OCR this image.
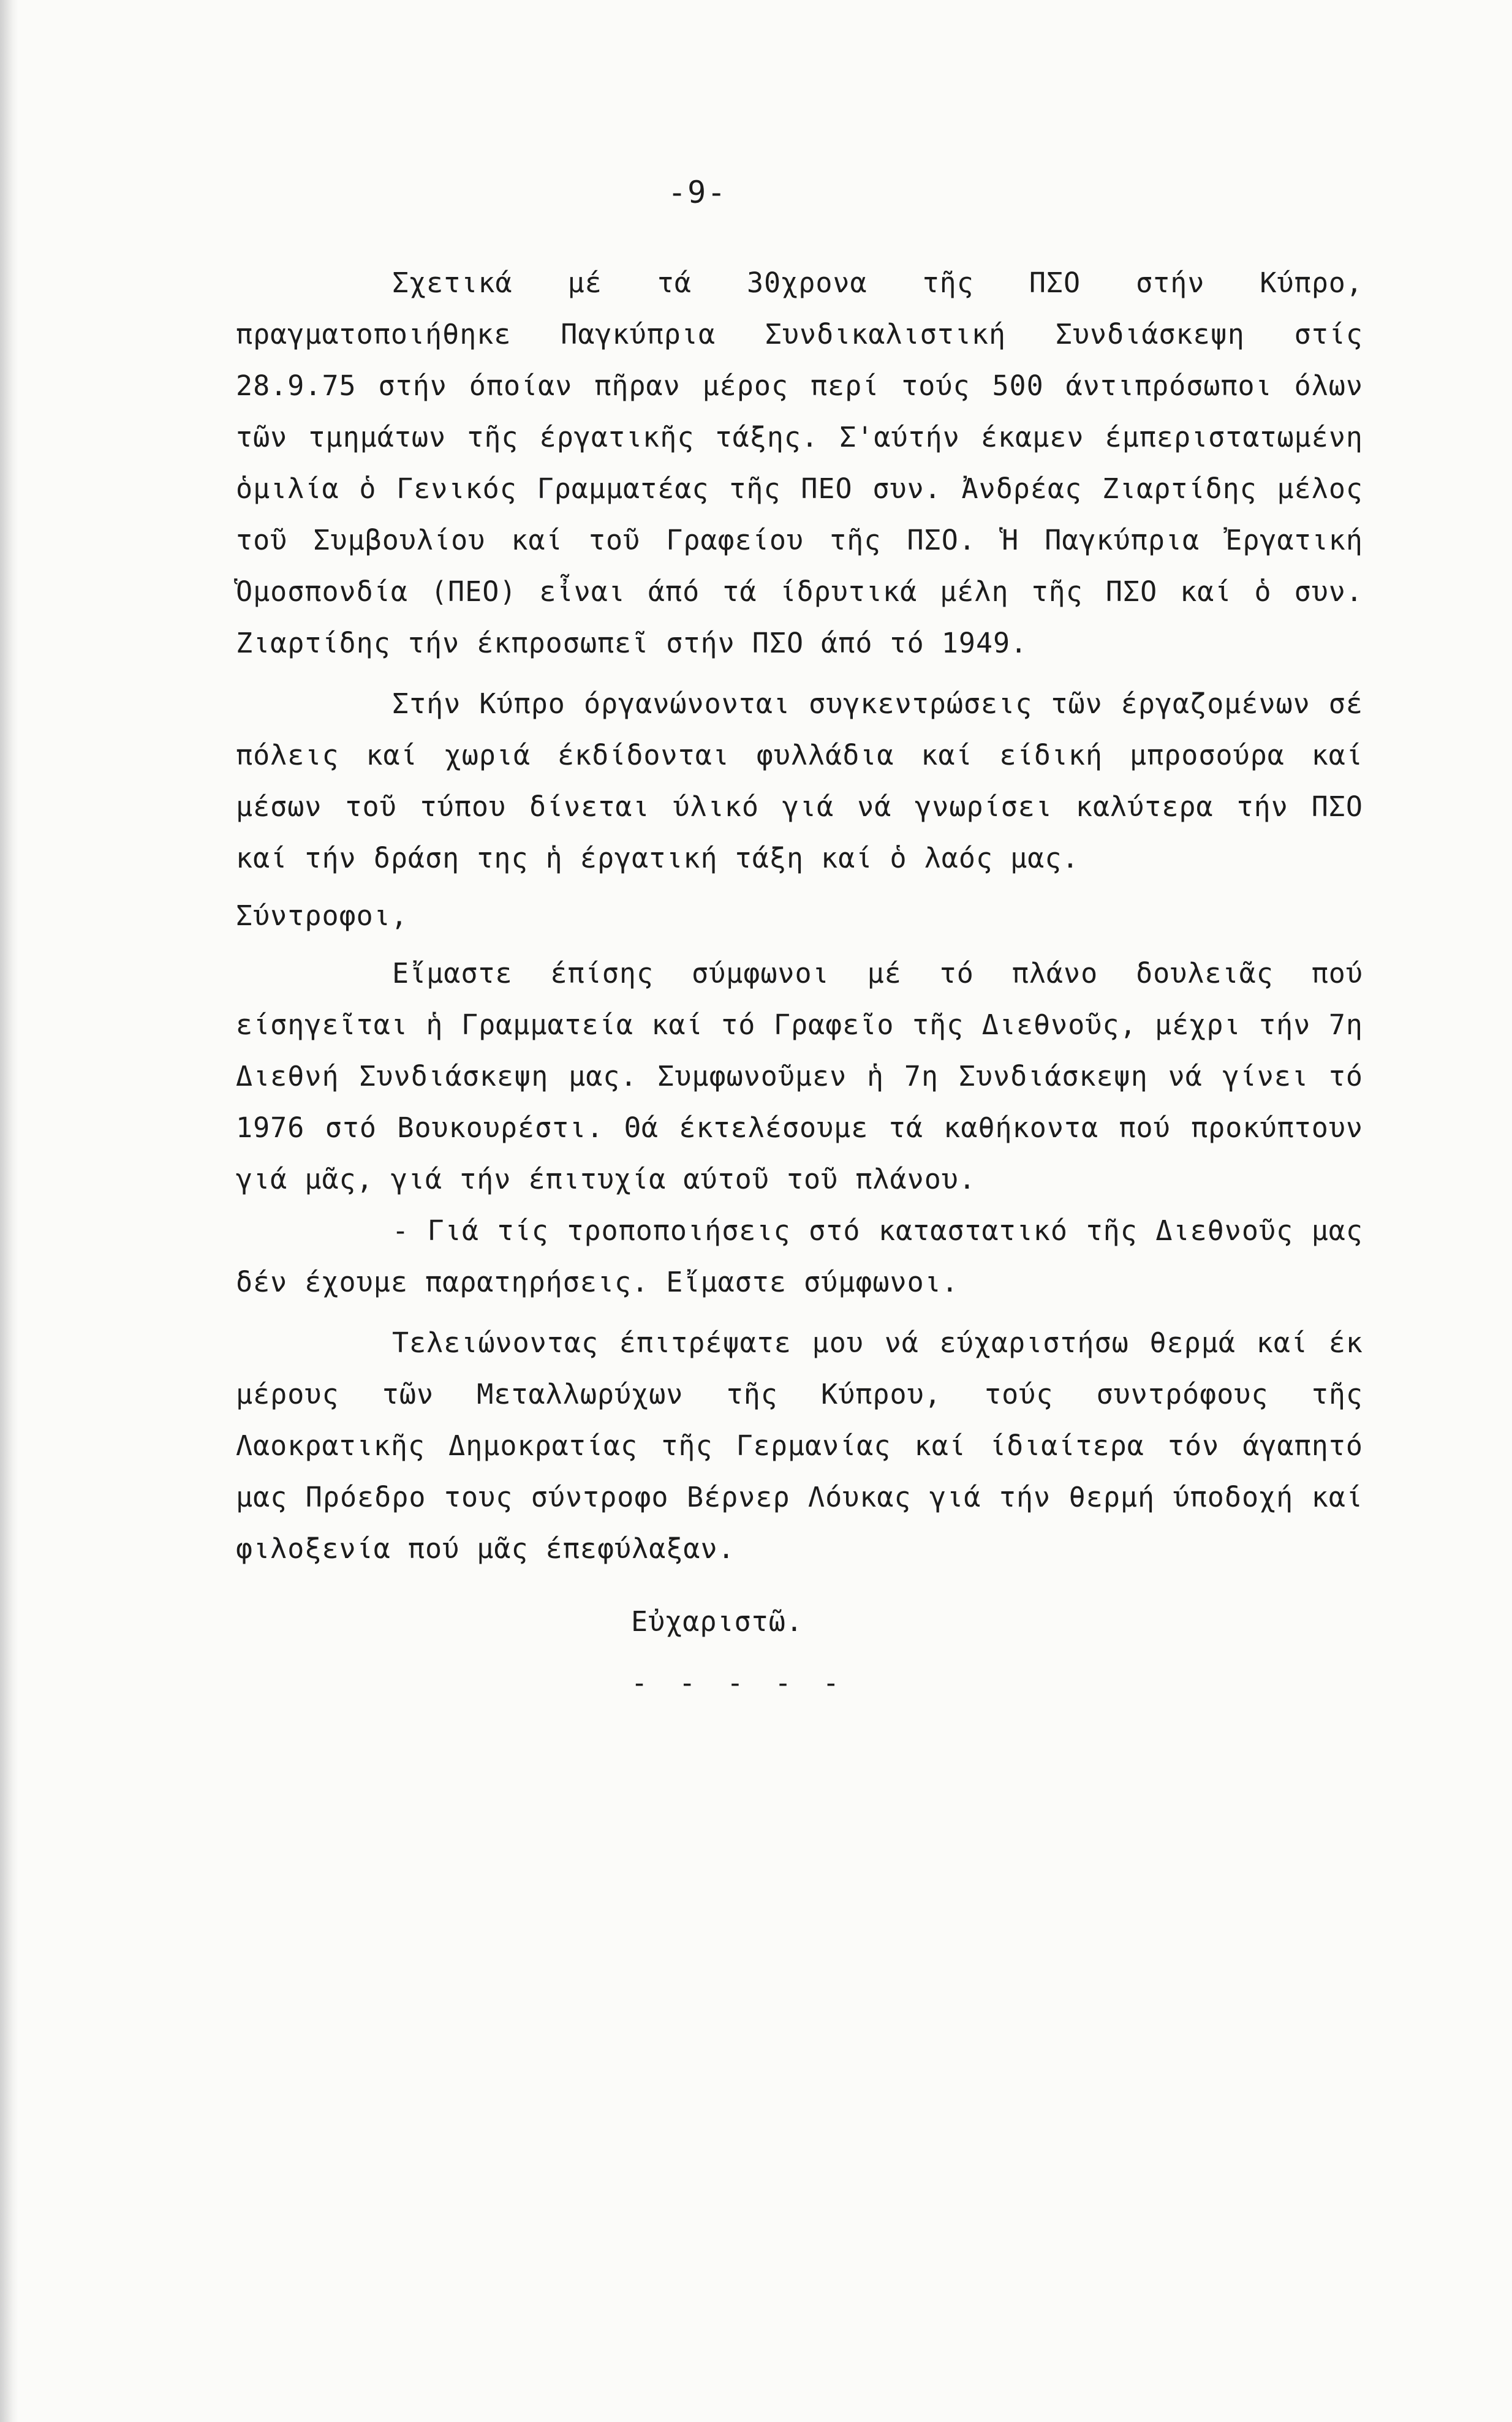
-9-

Σχετικά μέ τά 30χρονα τῆς ΠΣΟ στήν Κύπρο, πραγματοποιήθηκε Παγκύπρια Συνδικαλιστική Συνδιάσκεψη στίς 28.9.75 στήν όποίαν πῆραν μέρος περί τούς 500 άντιπρόσωποι όλων τῶν τμημάτων τῆς έργατικῆς τάξης. Σ'αύτήν έκαμεν έμπεριστατωμένη ὁμιλία ὁ Γενικός Γραμματέας τῆς ΠΕΟ συν. Ἀνδρέας Ζιαρτίδης μέλος τοῦ Συμβουλίου καί τοῦ Γραφείου τῆς ΠΣΟ. Ἡ Παγκύπρια Ἐργατική Ὁμοσπονδία (ΠΕΟ) εἶναι άπό τά ίδρυτικά μέλη τῆς ΠΣΟ καί ὁ συν. Ζιαρτίδης τήν έκπροσωπεῖ στήν ΠΣΟ άπό τό 1949.

Στήν Κύπρο όργανώνονται συγκεντρώσεις τῶν έργαζομένων σέ πόλεις καί χωριά έκδίδονται φυλλάδια καί είδική μπροσούρα καί μέσων τοῦ τύπου δίνεται ύλικό γιά νά γνωρίσει καλύτερα τήν ΠΣΟ καί τήν δράση της ἡ έργατική τάξη καί ὁ λαός μας.

Σύντροφοι,

Εἴμαστε έπίσης σύμφωνοι μέ τό πλάνο δουλειᾶς πού είσηγεῖται ἡ Γραμματεία καί τό Γραφεῖο τῆς Διεθνοῦς, μέχρι τήν 7η Διεθνή Συνδιάσκεψη μας. Συμφωνοῦμεν ἡ 7η Συνδιάσκεψη νά γίνει τό 1976 στό Βουκουρέστι. Θά έκτελέσουμε τά καθήκοντα πού προκύπτουν γιά μᾶς, γιά τήν έπιτυχία αύτοῦ τοῦ πλάνου.

- Γιά τίς τροποποιήσεις στό καταστατικό τῆς Διεθνοῦς μας δέν έχουμε παρατηρήσεις. Εἴμαστε σύμφωνοι.

Τελειώνοντας έπιτρέψατε μου νά εύχαριστήσω θερμά καί έκ μέρους τῶν Μεταλλωρύχων τῆς Κύπρου, τούς συντρόφους τῆς Λαοκρατικῆς Δημοκρατίας τῆς Γερμανίας καί ίδιαίτερα τόν άγαπητό μας Πρόεδρο τους σύντροφο Βέρνερ Λόυκας γιά τήν θερμή ύποδοχή καί φιλοξενία πού μᾶς έπεφύλαξαν.

Εὐχαριστῶ.
- - - - -
